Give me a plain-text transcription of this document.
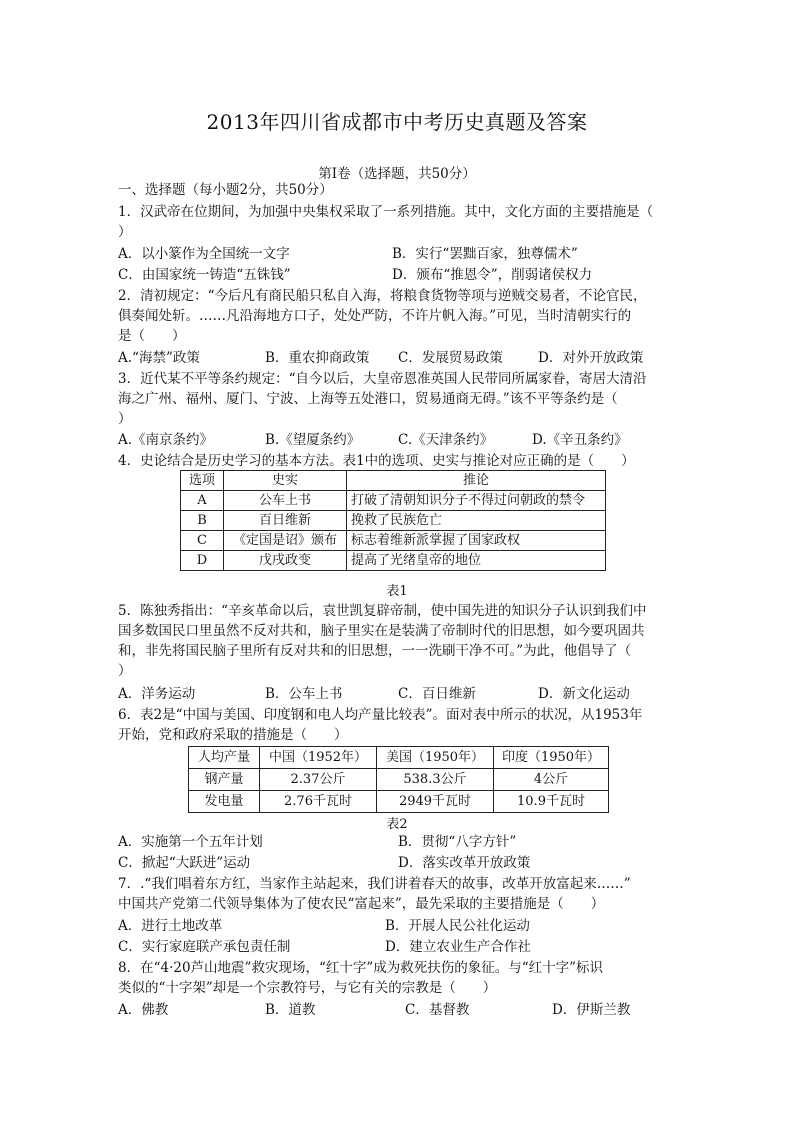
2013年四川省成都市中考历史真题及答案
第Ⅰ卷（选择题，共50分）
一、选择题（每小题2分，共50分）
1．汉武帝在位期间，为加强中央集权采取了一系列措施。其中，文化方面的主要措施是（
）
A．以小篆作为全国统一文字	B．实行“罢黜百家，独尊儒术”
C．由国家统一铸造“五铢钱”	D．颁布“推恩令”，削弱诸侯权力
2．清初规定：“今后凡有商民船只私自入海，将粮食货物等项与逆贼交易者，不论官民，
俱奏闻处斩。……凡沿海地方口子，处处严防，不许片帆入海。”可见，当时清朝实行的
是（　　）
A.“海禁”政策	B．重农抑商政策 C．发展贸易政策	D．对外开放政策
3．近代某不平等条约规定：“自今以后，大皇帝恩准英国人民带同所属家眷，寄居大清沿
海之广州、福州、厦门、宁波、上海等五处港口，贸易通商无碍。”该不平等条约是（
）
A.《南京条约》	B.《望厦条约》	C.《天津条约》	D.《辛丑条约》
4．史论结合是历史学习的基本方法。表1中的选项、史实与推论对应正确的是（　　）
选项	史实	推论
A	公车上书	打破了清朝知识分子不得过问朝政的禁令
B	百日维新	挽救了民族危亡
C	《定国是诏》颁布	标志着维新派掌握了国家政权
D	戊戌政变	提高了光绪皇帝的地位
表1
5．陈独秀指出：“辛亥革命以后，袁世凯复辟帝制，使中国先进的知识分子认识到我们中
国多数国民口里虽然不反对共和，脑子里实在是装满了帝制时代的旧思想，如今要巩固共
和，非先将国民脑子里所有反对共和的旧思想，一一洗刷干净不可。”为此，他倡导了（
）
A．洋务运动	B．公车上书	C．百日维新	D．新文化运动
6．表2是“中国与美国、印度钢和电人均产量比较表”。面对表中所示的状况，从1953年
开始，党和政府采取的措施是（　　）
人均产量	中国（1952年）	美国（1950年）	印度（1950年）
钢产量	2.37公斤	538.3公斤	4公斤
发电量	2.76千瓦时	2949千瓦时	10.9千瓦时
表2
A．实施第一个五年计划	B．贯彻“八字方针”
C．掀起“大跃进”运动	D．落实改革开放政策
7．.“我们唱着东方红，当家作主站起来，我们讲着春天的故事，改革开放富起来……”
中国共产党第二代领导集体为了使农民“富起来”，最先采取的主要措施是（　　）
A．进行土地改革	B．开展人民公社化运动
C．实行家庭联产承包责任制	D．建立农业生产合作社
8．在“4·20芦山地震”救灾现场，“红十字”成为救死扶伤的象征。与“红十字”标识
类似的“十字架”却是一个宗教符号，与它有关的宗教是（　　）
A．佛教	B．道教	C．基督教	D．伊斯兰教
